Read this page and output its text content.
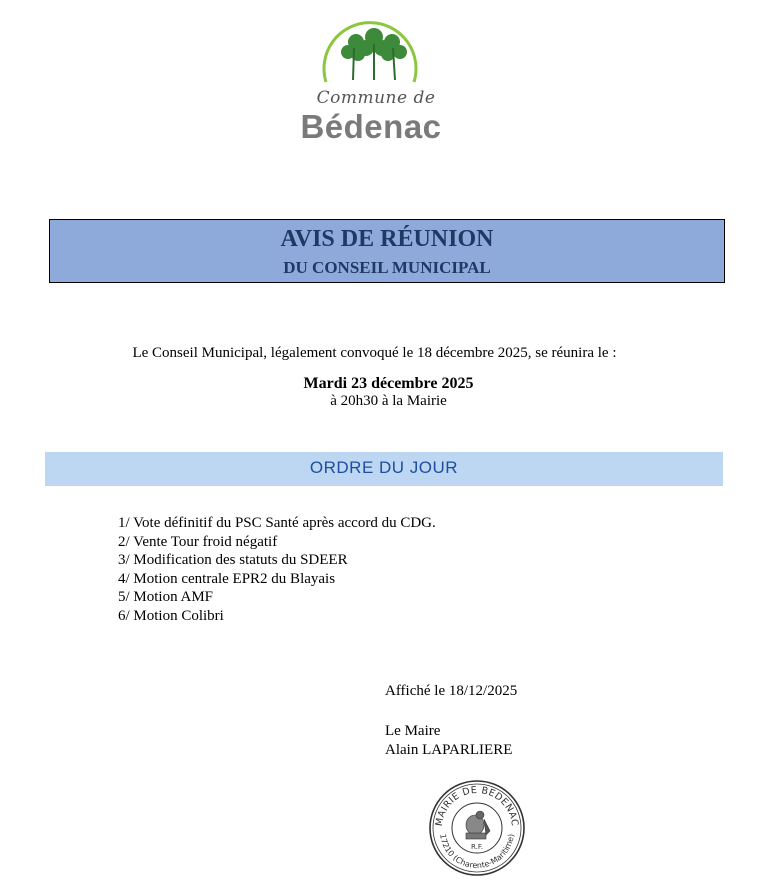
Commune de
Bédenac
AVIS DE RÉUNION
DU CONSEIL MUNICIPAL
Le Conseil Municipal, légalement convoqué le 18 décembre 2025, se réunira le :
Mardi 23 décembre 2025
à 20h30 à la Mairie
ORDRE DU JOUR
1/ Vote définitif du PSC Santé après accord du CDG.
2/ Vente Tour froid négatif
3/ Modification des statuts du SDEER
4/ Motion centrale EPR2 du Blayais
5/ Motion AMF
6/ Motion Colibri
Affiché le 18/12/2025
Le Maire
Alain LAPARLIERE
MAIRIE DE BEDENAC
17210 (Charente-Maritime)
R.F.
